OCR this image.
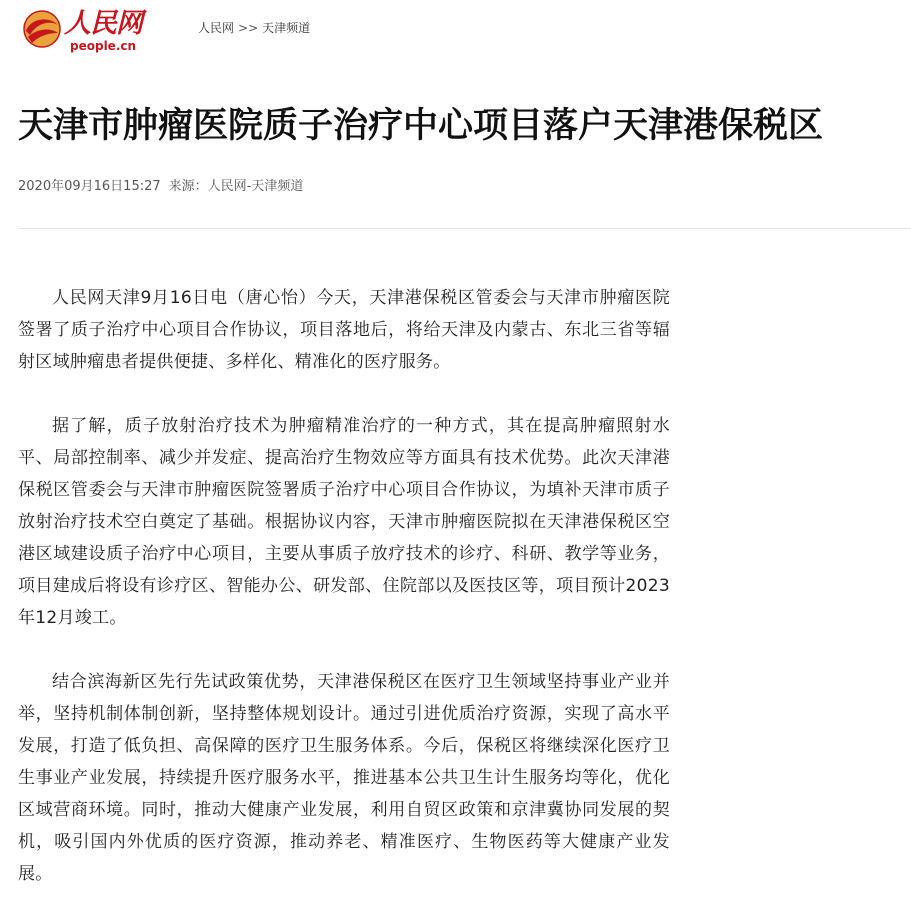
人民网
people.cn
人民网 >> 天津频道
天津市肿瘤医院质子治疗中心项目落户天津港保税区
2020年09月16日15:27 来源：人民网-天津频道

人民网天津9月16日电（唐心怡）今天，天津港保税区管委会与天津市肿瘤医院签署了质子治疗中心项目合作协议，项目落地后，将给天津及内蒙古、东北三省等辐射区域肿瘤患者提供便捷、多样化、精准化的医疗服务。

据了解，质子放射治疗技术为肿瘤精准治疗的一种方式，其在提高肿瘤照射水平、局部控制率、减少并发症、提高治疗生物效应等方面具有技术优势。此次天津港保税区管委会与天津市肿瘤医院签署质子治疗中心项目合作协议，为填补天津市质子放射治疗技术空白奠定了基础。根据协议内容，天津市肿瘤医院拟在天津港保税区空港区域建设质子治疗中心项目，主要从事质子放疗技术的诊疗、科研、教学等业务，项目建成后将设有诊疗区、智能办公、研发部、住院部以及医技区等，项目预计2023年12月竣工。

结合滨海新区先行先试政策优势，天津港保税区在医疗卫生领域坚持事业产业并举，坚持机制体制创新，坚持整体规划设计。通过引进优质治疗资源，实现了高水平发展，打造了低负担、高保障的医疗卫生服务体系。今后，保税区将继续深化医疗卫生事业产业发展，持续提升医疗服务水平，推进基本公共卫生计生服务均等化，优化区域营商环境。同时，推动大健康产业发展，利用自贸区政策和京津冀协同发展的契机，吸引国内外优质的医疗资源，推动养老、精准医疗、生物医药等大健康产业发展。
